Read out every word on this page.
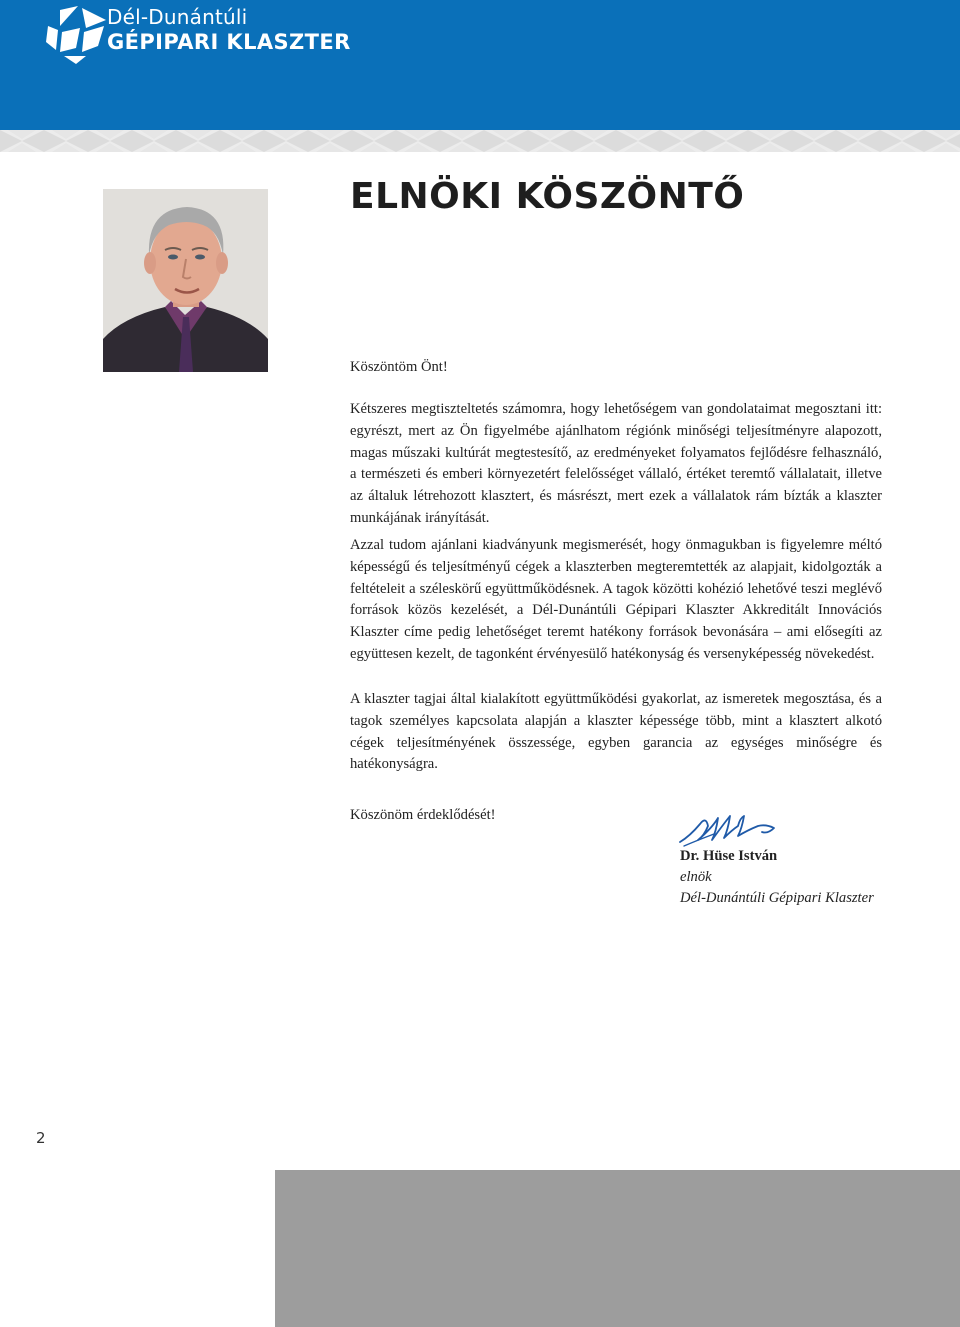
Dél-Dunántúli
GÉPIPARI KLASZTER
ELNÖKI KÖSZÖNTŐ

Köszöntöm Önt!

Kétszeres megtiszteltetés számomra, hogy lehetőségem van gondolataimat megosztani itt: egyrészt, mert az Ön figyelmébe ajánlhatom régiónk minőségi teljesítményre alapozott, magas műszaki kultúrát megtestesítő, az eredményeket folyamatos fejlődésre felhasználó, a természeti és emberi környezetért felelősséget vállaló, értéket teremtő vállalatait, illetve az általuk létrehozott klasztert, és másrészt, mert ezek a vállalatok rám bízták a klaszter munkájának irányítását.

Azzal tudom ajánlani kiadványunk megismerését, hogy önmagukban is figyelemre méltó képességű és teljesítményű cégek a klaszterben megteremtették az alapjait, kidolgozták a feltételeit a széleskörű együttműködésnek. A tagok közötti kohézió lehetővé teszi meglévő források közös kezelését, a Dél-Dunántúli Gépipari Klaszter Akkreditált Innovációs Klaszter címe pedig lehetőséget teremt hatékony források bevonására – ami elősegíti az együttesen kezelt, de tagonként érvényesülő hatékonyság és versenyképesség növekedést.

A klaszter tagjai által kialakított együttműködési gyakorlat, az ismeretek megosztása, és a tagok személyes kapcsolata alapján a klaszter képessége több, mint a klasztert alkotó cégek teljesítményének összessége, egyben garancia az egységes minőségre és hatékonyságra.

Köszönöm érdeklődését!

Dr. Hüse István
elnök
Dél-Dunántúli Gépipari Klaszter
2
